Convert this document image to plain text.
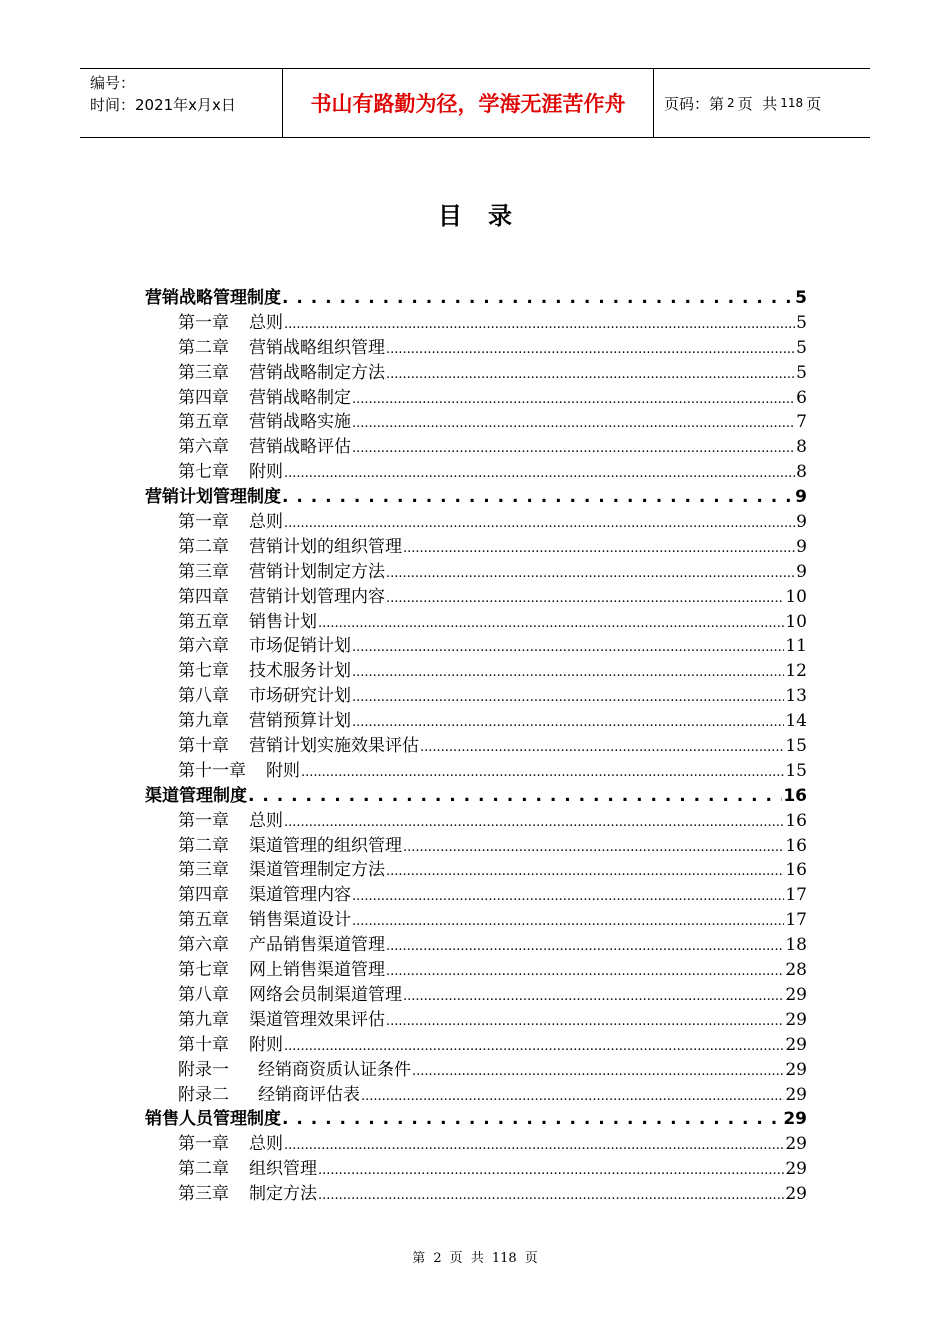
编号：
时间：2021年x月x日	书山有路勤为径，学海无涯苦作舟	页码：第 2 页  共 118 页
目录
营销战略管理制度 . . .	5
第一章 总则 .....	5
第二章 营销战略组织管理 .....	5
第三章 营销战略制定方法 .....	5
第四章 营销战略制定 .....	6
第五章 营销战略实施 .....	7
第六章 营销战略评估 .....	8
第七章 附则 .....	8
营销计划管理制度 . . .	9
第一章 总则 .....	9
第二章 营销计划的组织管理 .....	9
第三章 营销计划制定方法 .....	9
第四章 营销计划管理内容 .....	10
第五章 销售计划 .....	10
第六章 市场促销计划 .....	11
第七章 技术服务计划 .....	12
第八章 市场研究计划 .....	13
第九章 营销预算计划 .....	14
第十章 营销计划实施效果评估 .....	15
第十一章 附则 .....	15
渠道管理制度 . . .	16
第一章 总则 .....	16
第二章 渠道管理的组织管理 .....	16
第三章 渠道管理制定方法 .....	16
第四章 渠道管理内容 .....	17
第五章 销售渠道设计 .....	17
第六章 产品销售渠道管理 .....	18
第七章 网上销售渠道管理 .....	28
第八章 网络会员制渠道管理 .....	29
第九章 渠道管理效果评估 .....	29
第十章 附则 .....	29
附录一 经销商资质认证条件 .....	29
附录二 经销商评估表 .....	29
销售人员管理制度 . . .	29
第一章 总则 .....	29
第二章 组织管理 .....	29
第三章 制定方法 .....	29
第 2 页  共 118 页
